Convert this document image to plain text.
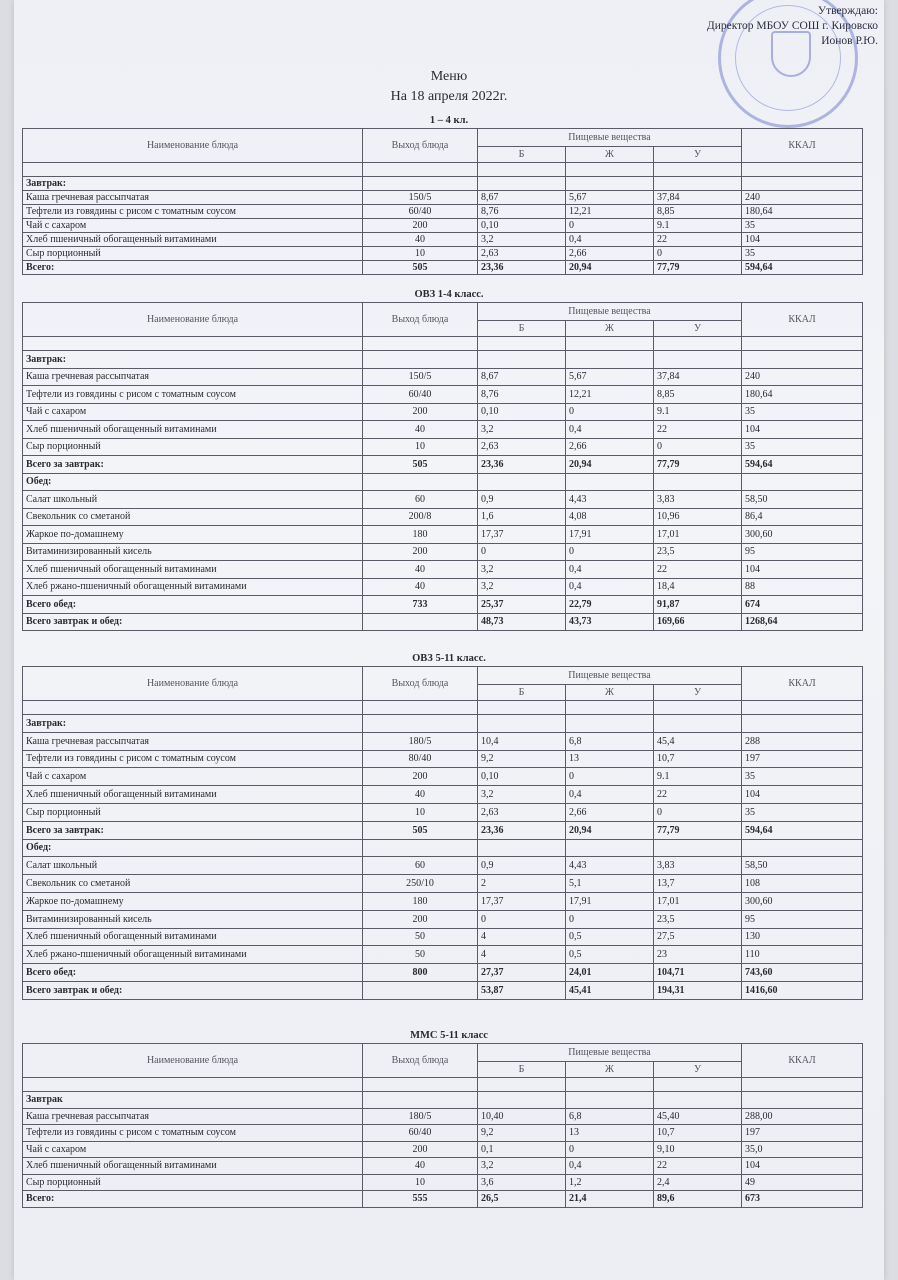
Утверждаю:
Директор МБОУ СОШ г. Кировско
Ионов Р.Ю.
Меню
На 18 апреля 2022г.
1 – 4 кл.
Наименование блюда	Выход блюда	Пищевые вещества			ККАЛ
		Б	Ж	У	

Завтрак:					
Каша гречневая рассыпчатая	150/5	8,67	5,67	37,84	240
Тефтели из говядины с рисом с томатным соусом	60/40	8,76	12,21	8,85	180,64
Чай с сахаром	200	0,10	0	9.1	35
Хлеб пшеничный обогащенный витаминами	40	3,2	0,4	22	104
Сыр порционный	10	2,63	2,66	0	35
Всего:	505	23,36	20,94	77,79	594,64
ОВЗ 1-4 класс.
Наименование блюда	Выход блюда	Пищевые вещества			ККАЛ
		Б	Ж	У	

Завтрак:					
Каша гречневая рассыпчатая	150/5	8,67	5,67	37,84	240
Тефтели из говядины с рисом с томатным соусом	60/40	8,76	12,21	8,85	180,64
Чай с сахаром	200	0,10	0	9.1	35
Хлеб пшеничный обогащенный витаминами	40	3,2	0,4	22	104
Сыр порционный	10	2,63	2,66	0	35
Всего за завтрак:	505	23,36	20,94	77,79	594,64
Обед:					
Салат школьный	60	0,9	4,43	3,83	58,50
Свекольник со сметаной	200/8	1,6	4,08	10,96	86,4
Жаркое по-домашнему	180	17,37	17,91	17,01	300,60
Витаминизированный кисель	200	0	0	23,5	95
Хлеб пшеничный обогащенный витаминами	40	3,2	0,4	22	104
Хлеб ржано-пшеничный обогащенный витаминами	40	3,2	0,4	18,4	88
Всего обед:	733	25,37	22,79	91,87	674
Всего завтрак и обед:		48,73	43,73	169,66	1268,64
ОВЗ 5-11 класс.
Наименование блюда	Выход блюда	Пищевые вещества			ККАЛ
		Б	Ж	У	

Завтрак:					
Каша гречневая рассыпчатая	180/5	10,4	6,8	45,4	288
Тефтели из говядины с рисом с томатным соусом	80/40	9,2	13	10,7	197
Чай с сахаром	200	0,10	0	9.1	35
Хлеб пшеничный обогащенный витаминами	40	3,2	0,4	22	104
Сыр порционный	10	2,63	2,66	0	35
Всего за завтрак:	505	23,36	20,94	77,79	594,64
Обед:					
Салат школьный	60	0,9	4,43	3,83	58,50
Свекольник со сметаной	250/10	2	5,1	13,7	108
Жаркое по-домашнему	180	17,37	17,91	17,01	300,60
Витаминизированный кисель	200	0	0	23,5	95
Хлеб пшеничный обогащенный витаминами	50	4	0,5	27,5	130
Хлеб ржано-пшеничный обогащенный витаминами	50	4	0,5	23	110
Всего обед:	800	27,37	24,01	104,71	743,60
Всего завтрак и обед:		53,87	45,41	194,31	1416,60
ММС 5-11 класс
Наименование блюда	Выход блюда	Пищевые вещества			ККАЛ
		Б	Ж	У	

Завтрак					
Каша гречневая рассыпчатая	180/5	10,40	6,8	45,40	288,00
Тефтели из говядины с рисом с томатным соусом	60/40	9,2	13	10,7	197
Чай с сахаром	200	0,1	0	9,10	35,0
Хлеб пшеничный обогащенный витаминами	40	3,2	0,4	22	104
Сыр порционный	10	3,6	1,2	2,4	49
Всего:	555	26,5	21,4	89,6	673
